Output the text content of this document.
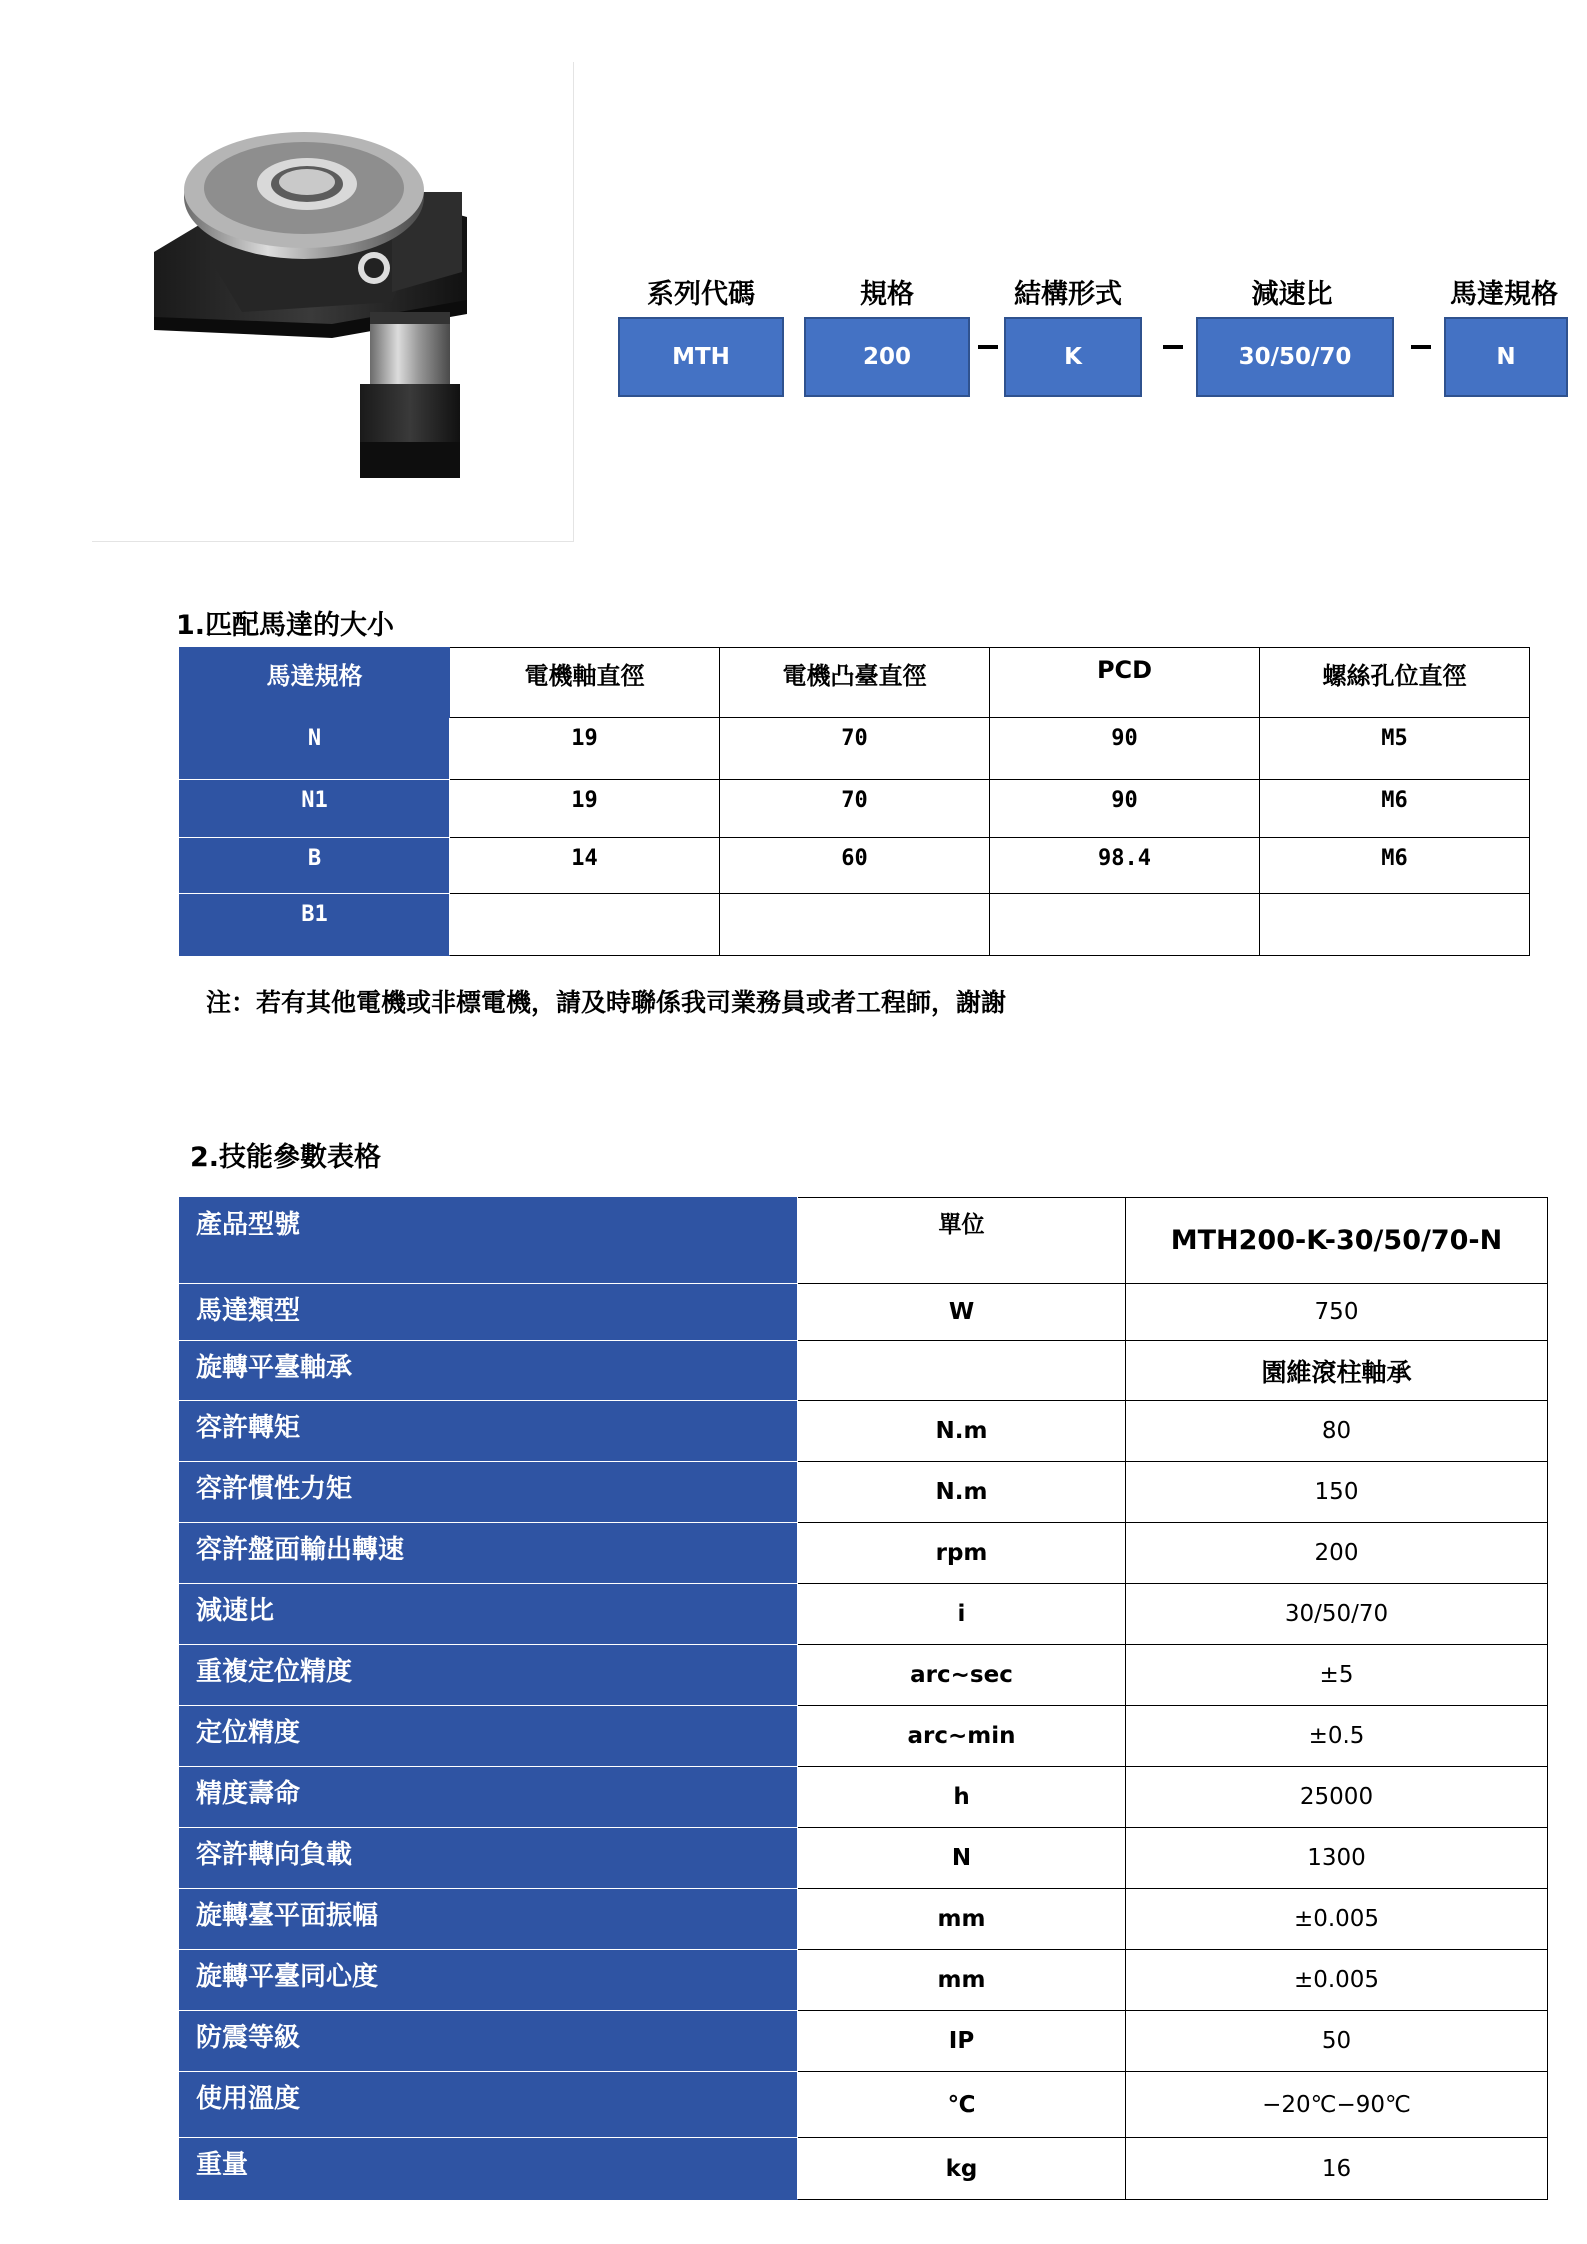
系列代碼	規格	結構形式	減速比	馬達規格
MTH	200	K	30/50/70	N
1.匹配馬達的大小
馬達規格	電機軸直徑	電機凸臺直徑	PCD	螺絲孔位直徑
N	19	70	90	M5
N1	19	70	90	M6
B	14	60	98.4	M6
B1				
注：若有其他電機或非標電機，請及時聯係我司業務員或者工程師，謝謝
2.技能參數表格
產品型號	單位	MTH200-K-30/50/70-N
馬達類型	W	750
旋轉平臺軸承		園維滾柱軸承
容許轉矩	N.m	80
容許慣性力矩	N.m	150
容許盤面輸出轉速	rpm	200
減速比	i	30/50/70
重複定位精度	arc~sec	±5
定位精度	arc~min	±0.5
精度壽命	h	25000
容許轉向負載	N	1300
旋轉臺平面振幅	mm	±0.005
旋轉平臺同心度	mm	±0.005
防震等級	IP	50
使用溫度	℃	−20℃−90℃
重量	kg	16
